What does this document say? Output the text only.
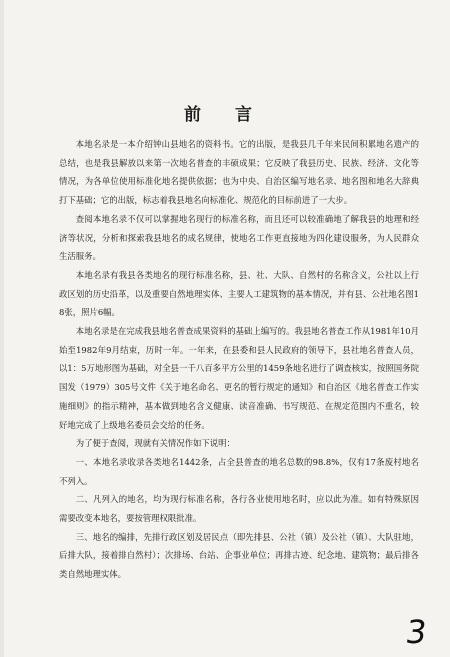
前 言

本地名录是一本介绍钟山县地名的资料书。它的出版，是我县几千年来民间积累地名遗产的总结，也是我县解放以来第一次地名普查的丰硕成果；它反映了我县历史、民族、经济、文化等情况，为各单位使用标准化地名提供依据；也为中央、自治区编写地名录、地名图和地名大辞典打下基础；它的出版，标志着我县地名向标准化、规范化的目标前进了一大步。

查阅本地名录不仅可以掌握地名现行的标准名称，而且还可以较准确地了解我县的地理和经济等状况，分析和探索我县地名的成名规律，使地名工作更直接地为四化建设服务，为人民群众生活服务。

本地名录有我县各类地名的现行标准名称，县、社、大队、自然村的名称含义，公社以上行政区划的历史沿革，以及重要自然地理实体、主要人工建筑物的基本情况，并有县、公社地名图18张，照片6幅。

本地名录是在完成我县地名普查成果资料的基础上编写的。我县地名普查工作从1981年10月始至1982年9月结束，历时一年。一年来，在县委和县人民政府的领导下，县社地名普查人员，以1：5万地形图为基础，对全县一千八百多平方公里的1459条地名进行了调查核实，按照国务院国发（1979）305号文件《关于地名命名、更名的暂行规定的通知》和自治区《地名普查工作实施细则》的指示精神，基本做到地名含义健康、读音准确、书写规范、在规定范围内不重名，较好地完成了上级地名委员会交给的任务。

为了便于查阅，现就有关情况作如下说明：

一、本地名录收录各类地名1442条，占全县普查的地名总数的98.8%，仅有17条废村地名不列入。

二、凡列入的地名，均为现行标准名称，各行各业使用地名时，应以此为准。如有特殊原因需要改变本地名，要按管理权限批准。

三、地名的编排，先排行政区划及居民点（即先排县、公社（镇）及公社（镇）、大队驻地，后排大队，接着排自然村）；次排场、台站、企事业单位；再排古迹、纪念地、建筑物；最后排各类自然地理实体。

3
